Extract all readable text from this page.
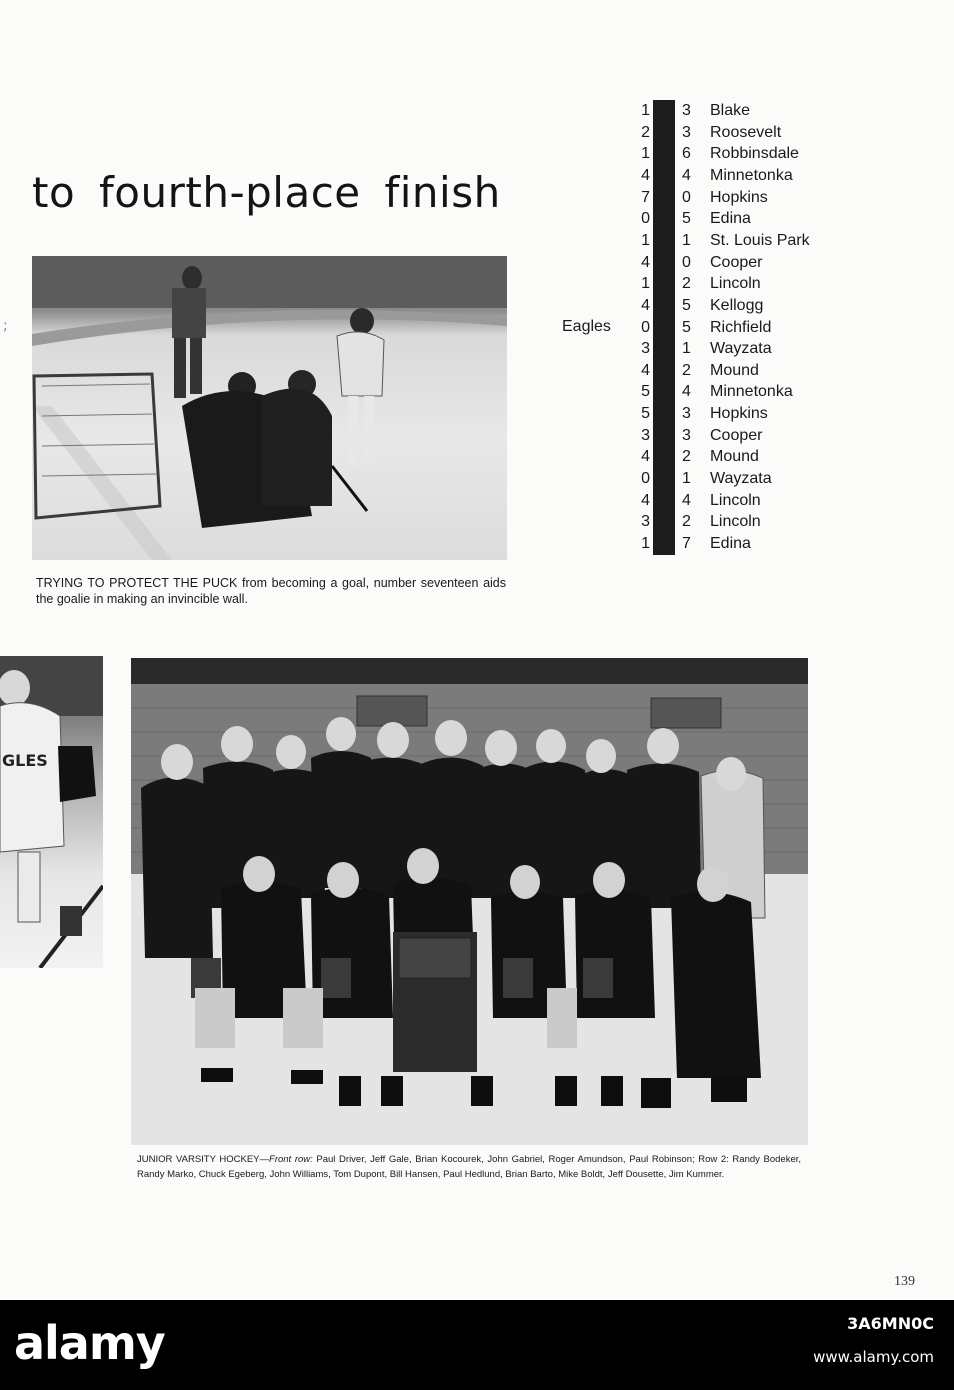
;
to fourth-place finish
Eagles
1 3	Blake
2 3	Roosevelt
1 6	Robbinsdale
4 4	Minnetonka
7 0	Hopkins
0 5	Edina
1 1	St. Louis Park
4 0	Cooper
1 2	Lincoln
4 5	Kellogg
0 5	Richfield
3 1	Wayzata
4 2	Mound
5 4	Minnetonka
5 3	Hopkins
3 3	Cooper
4 2	Mound
0 1	Wayzata
4 4	Lincoln
3 2	Lincoln
1 7	Edina
TRYING TO PROTECT THE PUCK from becoming a goal, number seventeen aids the goalie in making an invincible wall.
GLES
JUNIOR VARSITY HOCKEY—Front row: Paul Driver, Jeff Gale, Brian Kocourek, John Gabriel, Roger Amundson, Paul Robinson; Row 2: Randy Bodeker, Randy Marko, Chuck Egeberg, John Williams, Tom Dupont, Bill Hansen, Paul Hedlund, Brian Barto, Mike Boldt, Jeff Dousette, Jim Kummer.
139
alamy	3A6MN0C
www.alamy.com
